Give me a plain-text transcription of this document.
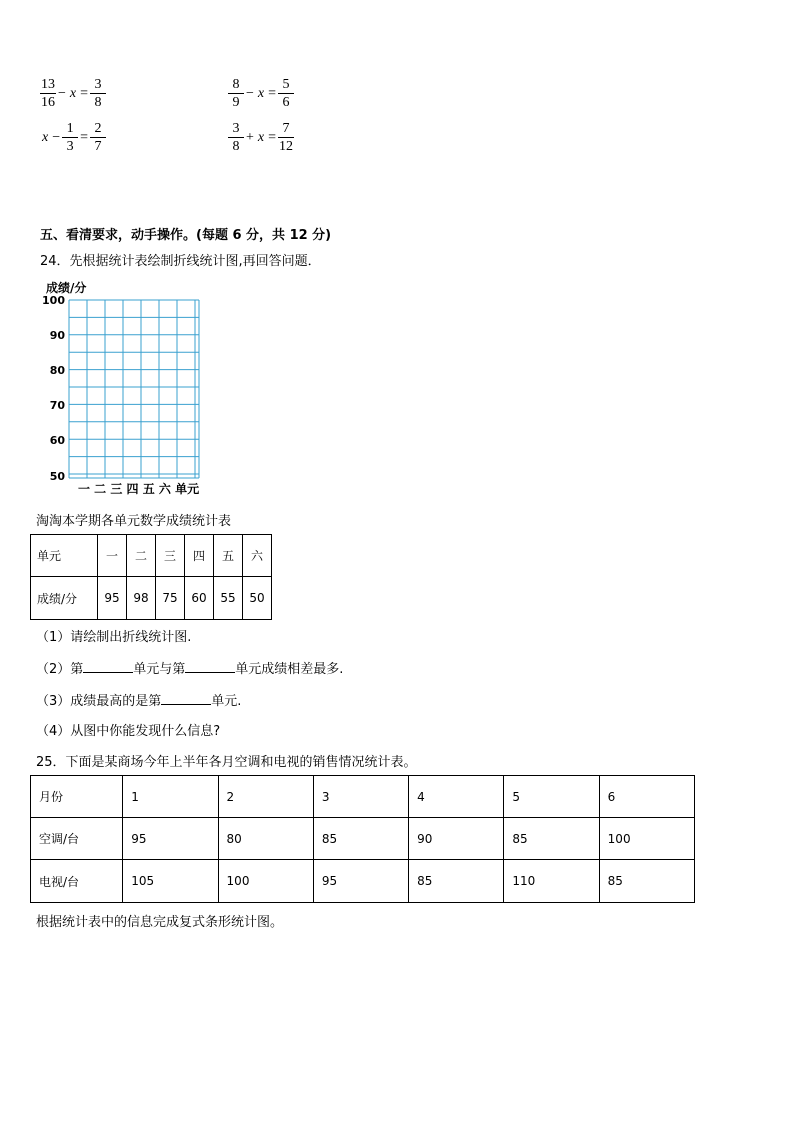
$\frac{13}{16} - x = \frac{3}{8}$	$\frac{8}{9} - x = \frac{5}{6}$
$x - \frac{1}{3} = \frac{2}{7}$	$\frac{3}{8} + x = \frac{7}{12}$
五、看清要求，动手操作。(每题 6 分，共 12 分)
24．先根据统计表绘制折线统计图,再回答问题．
成绩/分
100
90
80
70
60
50
一 二 三 四 五 六 单元
淘淘本学期各单元数学成绩统计表
单元	一	二	三	四	五	六
成绩/分	95	98	75	60	55	50
（1）请绘制出折线统计图.
（2）第	单元与第	单元成绩相差最多.
（3）成绩最高的是第	单元.
（4）从图中你能发现什么信息?
25．下面是某商场今年上半年各月空调和电视的销售情况统计表。
月份	1	2	3	4	5	6
空调/台	95	80	85	90	85	100
电视/台	105	100	95	85	110	85
根据统计表中的信息完成复式条形统计图。
